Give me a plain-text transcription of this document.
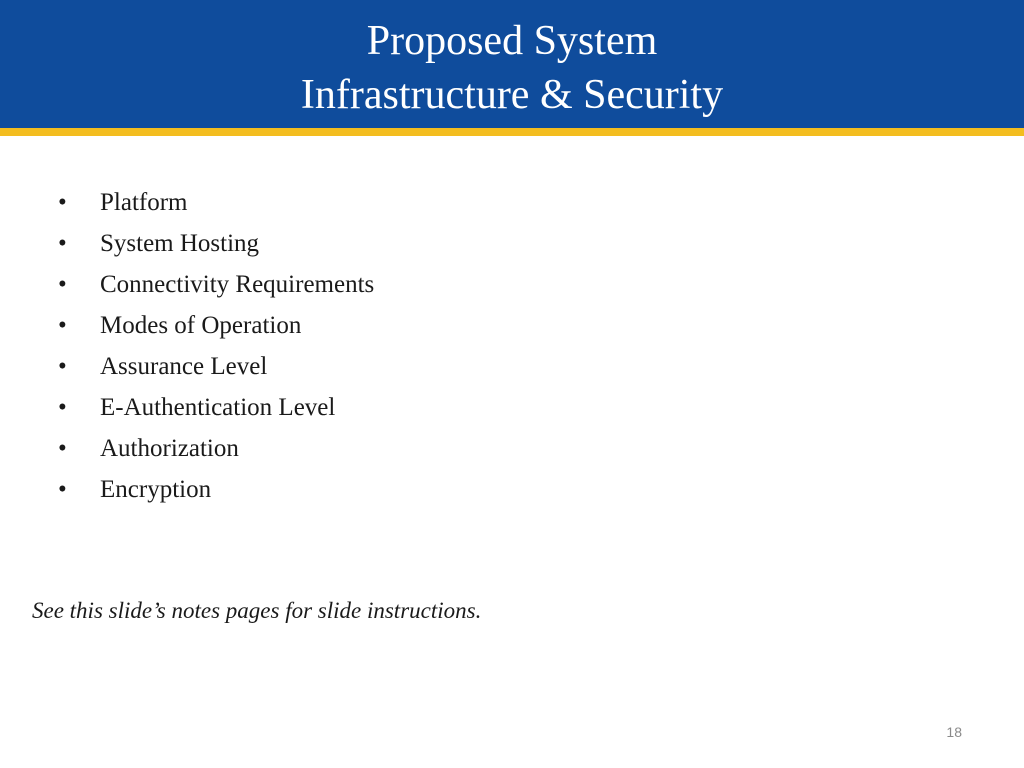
Proposed System
Infrastructure & Security
• Platform
• System Hosting
• Connectivity Requirements
• Modes of Operation
• Assurance Level
• E-Authentication Level
• Authorization
• Encryption
See this slide’s notes pages for slide instructions.
18
